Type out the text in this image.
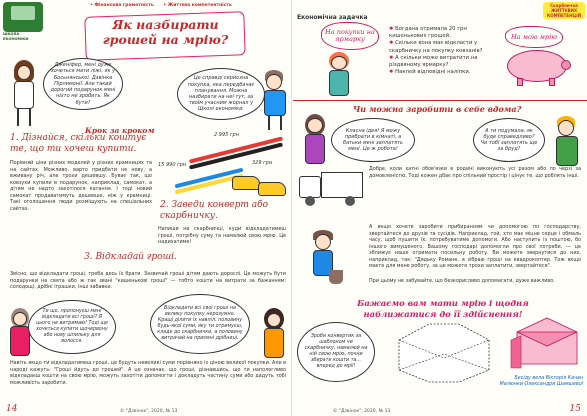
ШКОЛА
ЕКОНОМІКИ
• Фінансова грамотність • Життєва компетентність
Як назбирати грошей на мрію?
Дженіфер, мені дуже хочеться мати ліжі, як у Босьнянської. Дзвінка Пірлимонії. Але такий дорогий подарунок мені ніхто не зробить. Як бути?
Це справді серйозна покупка, яка передбачає планування. Можна назбирати на неї тут, за твоїм учасним жорнал у Школі економіки.
Крок за кроком
1. Дізнайся, скільки коштує те, що ти хочеш купити.
Порівняй ціни різних моделей у різних крамницях та на сайтах. Можливо, варто придбати не нову, а вживану річ, але трохи дешевшу. Буває так, що ковзуки купили в подарунок, наприклад, самокат, а дітям не надто захотілося катання. І тоді новий самокат продаватимуть дешевше, ніж у крамниці. Такі оголошення люди розміщують на спеціальних сайтах.
2 995 грн
15 990 грн	329 грн
2. Заведи конверт або скарбничку.
Напиши на скарбничці, куди відкладатимеш гроші, потрібну суму та намалюй свою мрію. Це надихатиме!
3. Відкладай гроші.
Звісно, що відкладати гроші, треба десь їх брати. Зазвичай гроші дітям дають дорослі. Це можуть бути подарунки на свята або ж так звані "кишенькові гроші" — тобто кошти на витрати за бажанням: солодощі, дрібні іграшки, інші забавки.
Ти що, пропонуєш мені відкладати всі гроші? Я цього не витримаю! Тоді ще хочеться купити щочервону або нову шпильку для волосся.
Відкладати всі свої гроші на велику покупку нерозумно. Кращі ділити їх навпіл: половину будь-якої суми, яку ти отримуєш, кладе до скарбнички, а половину витрачай на приємні дрібниці.
Навіть якщо ти відкладатимеш гроші, це будуть невеликі суми порівняно із ціною великої покупки. Але в народі кажуть: "Гроші йдуть до грошей". А це означає, що гроші, дізнавшись, що ти наполегливо відкладаєш кошти на свою мрію, можуть захотіти допомогти і докладуть частину суми або дадуть тобі можливість заробити.
14	© "Дзвінок", 2020, № 13
Економічна задачка
Скарбничка
ЖИТТЄВИХ
КОМПЕТЕНЦІЙ
На покупки на ярмарку
✹ Богдана отримала 20 грн кишенькових грошей.
✹ Скільки вона має відкласти у скарбничку на покупку ковзанів?
✹ А скільки може витратити на різдвяному ярмарку?
✹ Наклей відповідні наліпки.
На мою мрію
Чи можна заробити в себе вдома?
Класна ідея! Я можу прибрати в кімнаті, а батьки мені заплатять мені. Це ж робота!
А ти подумала, як буде справедливо? Чи тобі заплатять ще за бруд?
Добре, коли хатні обов'язки в родині виконують усі разом або по черзі за домовленістю. Тоді кожен дбає про спільний простір і цінує те, що роблять інші.
А якщо хочете заробити прибиранням чи допомогою по господарству, звертайтеся до друзів та сусідів. Наприклад, той, хто має міцне серце і обмаль часу, щоб пушити їх, потребуватиме допомоги. Або наступить із поштою, бо іншого вимушеного. Вашому господарі допомогли про свої потреби, — це зближує наше отримати посильну роботу. Ви можете звернутися до них, наприклад, так: "Дядьку Романе, я зібраю гроші на квадрокоптер. Тож якщо маєте для мене роботу, за це можете трохи заплатити, звертайтеся".
При цьому не забувайте, що безкорисливо допомагати, дуже важливо.
Бажаємо вам мати мрію і щодня наближатися до її здійснення!
Зроби конвертик за шаблоном чи скарбничку, намалюй на ній свою мрію, почни збирати кошти та... вперед до мрії!
Бесіду вела Вікторія Качан
Малюнки Олександри Шамшевої
© "Дзвінок", 2020, № 13	15
